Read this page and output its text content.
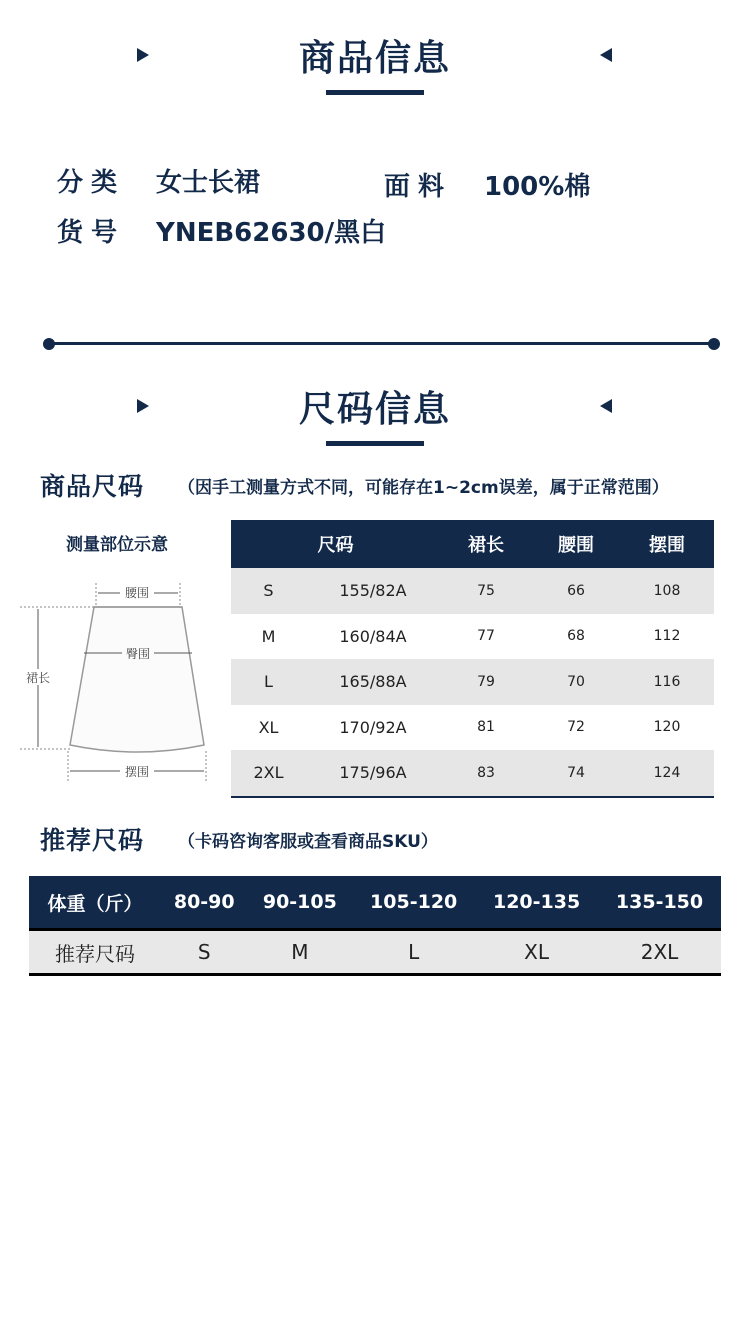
商品信息
分类 女士长裙	面料 100%棉
货号 YNEB62630/黑白
尺码信息
商品尺码 （因手工测量方式不同，可能存在1~2cm误差，属于正常范围）
测量部位示意
腰围
臀围
裙长
摆围
尺码		裙长	腰围	摆围
S	155/82A	75	66	108
M	160/84A	77	68	112
L	165/88A	79	70	116
XL	170/92A	81	72	120
2XL	175/96A	83	74	124
推荐尺码 （卡码咨询客服或查看商品SKU）
体重（斤）	80-90	90-105	105-120	120-135	135-150
推荐尺码	S	M	L	XL	2XL
